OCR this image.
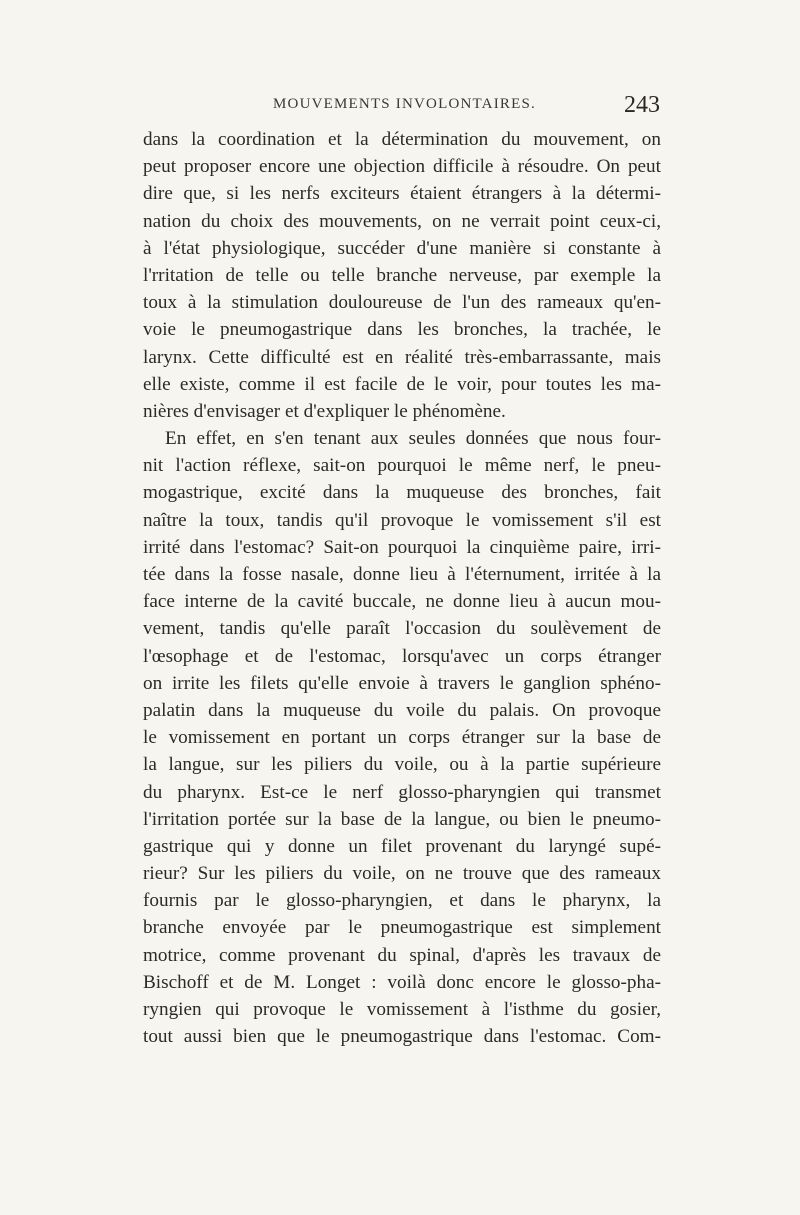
MOUVEMENTS INVOLONTAIRES.	243
dans la coordination et la détermination du mouvement, on
peut proposer encore une objection difficile à résoudre. On peut
dire que, si les nerfs exciteurs étaient étrangers à la détermi-
nation du choix des mouvements, on ne verrait point ceux-ci,
à l'état physiologique, succéder d'une manière si constante à
l'rritation de telle ou telle branche nerveuse, par exemple la
toux à la stimulation douloureuse de l'un des rameaux qu'en-
voie le pneumogastrique dans les bronches, la trachée, le
larynx. Cette difficulté est en réalité très-embarrassante, mais
elle existe, comme il est facile de le voir, pour toutes les ma-
nières d'envisager et d'expliquer le phénomène.
En effet, en s'en tenant aux seules données que nous four-
nit l'action réflexe, sait-on pourquoi le même nerf, le pneu-
mogastrique, excité dans la muqueuse des bronches, fait
naître la toux, tandis qu'il provoque le vomissement s'il est
irrité dans l'estomac? Sait-on pourquoi la cinquième paire, irri-
tée dans la fosse nasale, donne lieu à l'éternument, irritée à la
face interne de la cavité buccale, ne donne lieu à aucun mou-
vement, tandis qu'elle paraît l'occasion du soulèvement de
l'œsophage et de l'estomac, lorsqu'avec un corps étranger
on irrite les filets qu'elle envoie à travers le ganglion sphéno-
palatin dans la muqueuse du voile du palais. On provoque
le vomissement en portant un corps étranger sur la base de
la langue, sur les piliers du voile, ou à la partie supérieure
du pharynx. Est-ce le nerf glosso-pharyngien qui transmet
l'irritation portée sur la base de la langue, ou bien le pneumo-
gastrique qui y donne un filet provenant du laryngé supé-
rieur? Sur les piliers du voile, on ne trouve que des rameaux
fournis par le glosso-pharyngien, et dans le pharynx, la
branche envoyée par le pneumogastrique est simplement
motrice, comme provenant du spinal, d'après les travaux de
Bischoff et de M. Longet : voilà donc encore le glosso-pha-
ryngien qui provoque le vomissement à l'isthme du gosier,
tout aussi bien que le pneumogastrique dans l'estomac. Com-
